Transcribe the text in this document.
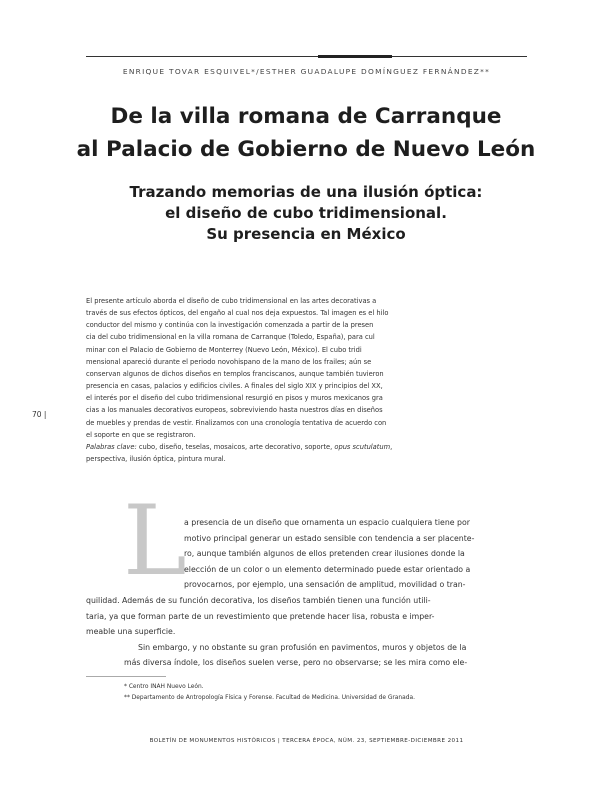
ENRIQUE TOVAR ESQUIVEL*/ESTHER GUADALUPE DOMÍNGUEZ FERNÁNDEZ**
De la villa romana de Carranque
al Palacio de Gobierno de Nuevo León
Trazando memorias de una ilusión óptica:
el diseño de cubo tridimensional.
Su presencia en México
70 |
El presente artículo aborda el diseño de cubo tridimensional en las artes decorativas a
través de sus efectos ópticos, del engaño al cual nos deja expuestos. Tal imagen es el hilo
conductor del mismo y continúa con la investigación comenzada a partir de la presen
cia del cubo tridimensional en la villa romana de Carranque (Toledo, España), para cul
minar con el Palacio de Gobierno de Monterrey (Nuevo León, México). El cubo tridi
mensional apareció durante el periodo novohispano de la mano de los frailes; aún se
conservan algunos de dichos diseños en templos franciscanos, aunque también tuvieron
presencia en casas, palacios y edificios civiles. A finales del siglo XIX y principios del XX,
el interés por el diseño del cubo tridimensional resurgió en pisos y muros mexicanos gra
cias a los manuales decorativos europeos, sobreviviendo hasta nuestros días en diseños
de muebles y prendas de vestir. Finalizamos con una cronología tentativa de acuerdo con
el soporte en que se registraron.
Palabras clave: cubo, diseño, teselas, mosaicos, arte decorativo, soporte, opus scutulatum,
perspectiva, ilusión óptica, pintura mural.
L
a presencia de un diseño que ornamenta un espacio cualquiera tiene por
motivo principal generar un estado sensible con tendencia a ser placente-
ro, aunque también algunos de ellos pretenden crear ilusiones donde la
elección de un color o un elemento determinado puede estar orientado a
provocarnos, por ejemplo, una sensación de amplitud, movilidad o tran-
quilidad. Además de su función decorativa, los diseños también tienen una función utili-
taria, ya que forman parte de un revestimiento que pretende hacer lisa, robusta e imper-
meable una superficie.
Sin embargo, y no obstante su gran profusión en pavimentos, muros y objetos de la
más diversa índole, los diseños suelen verse, pero no observarse; se les mira como ele-
* Centro INAH Nuevo León.
** Departamento de Antropología Física y Forense. Facultad de Medicina. Universidad de Granada.
BOLETÍN DE MONUMENTOS HISTÓRICOS | TERCERA ÉPOCA, NÚM. 23, SEPTIEMBRE-DICIEMBRE 2011
